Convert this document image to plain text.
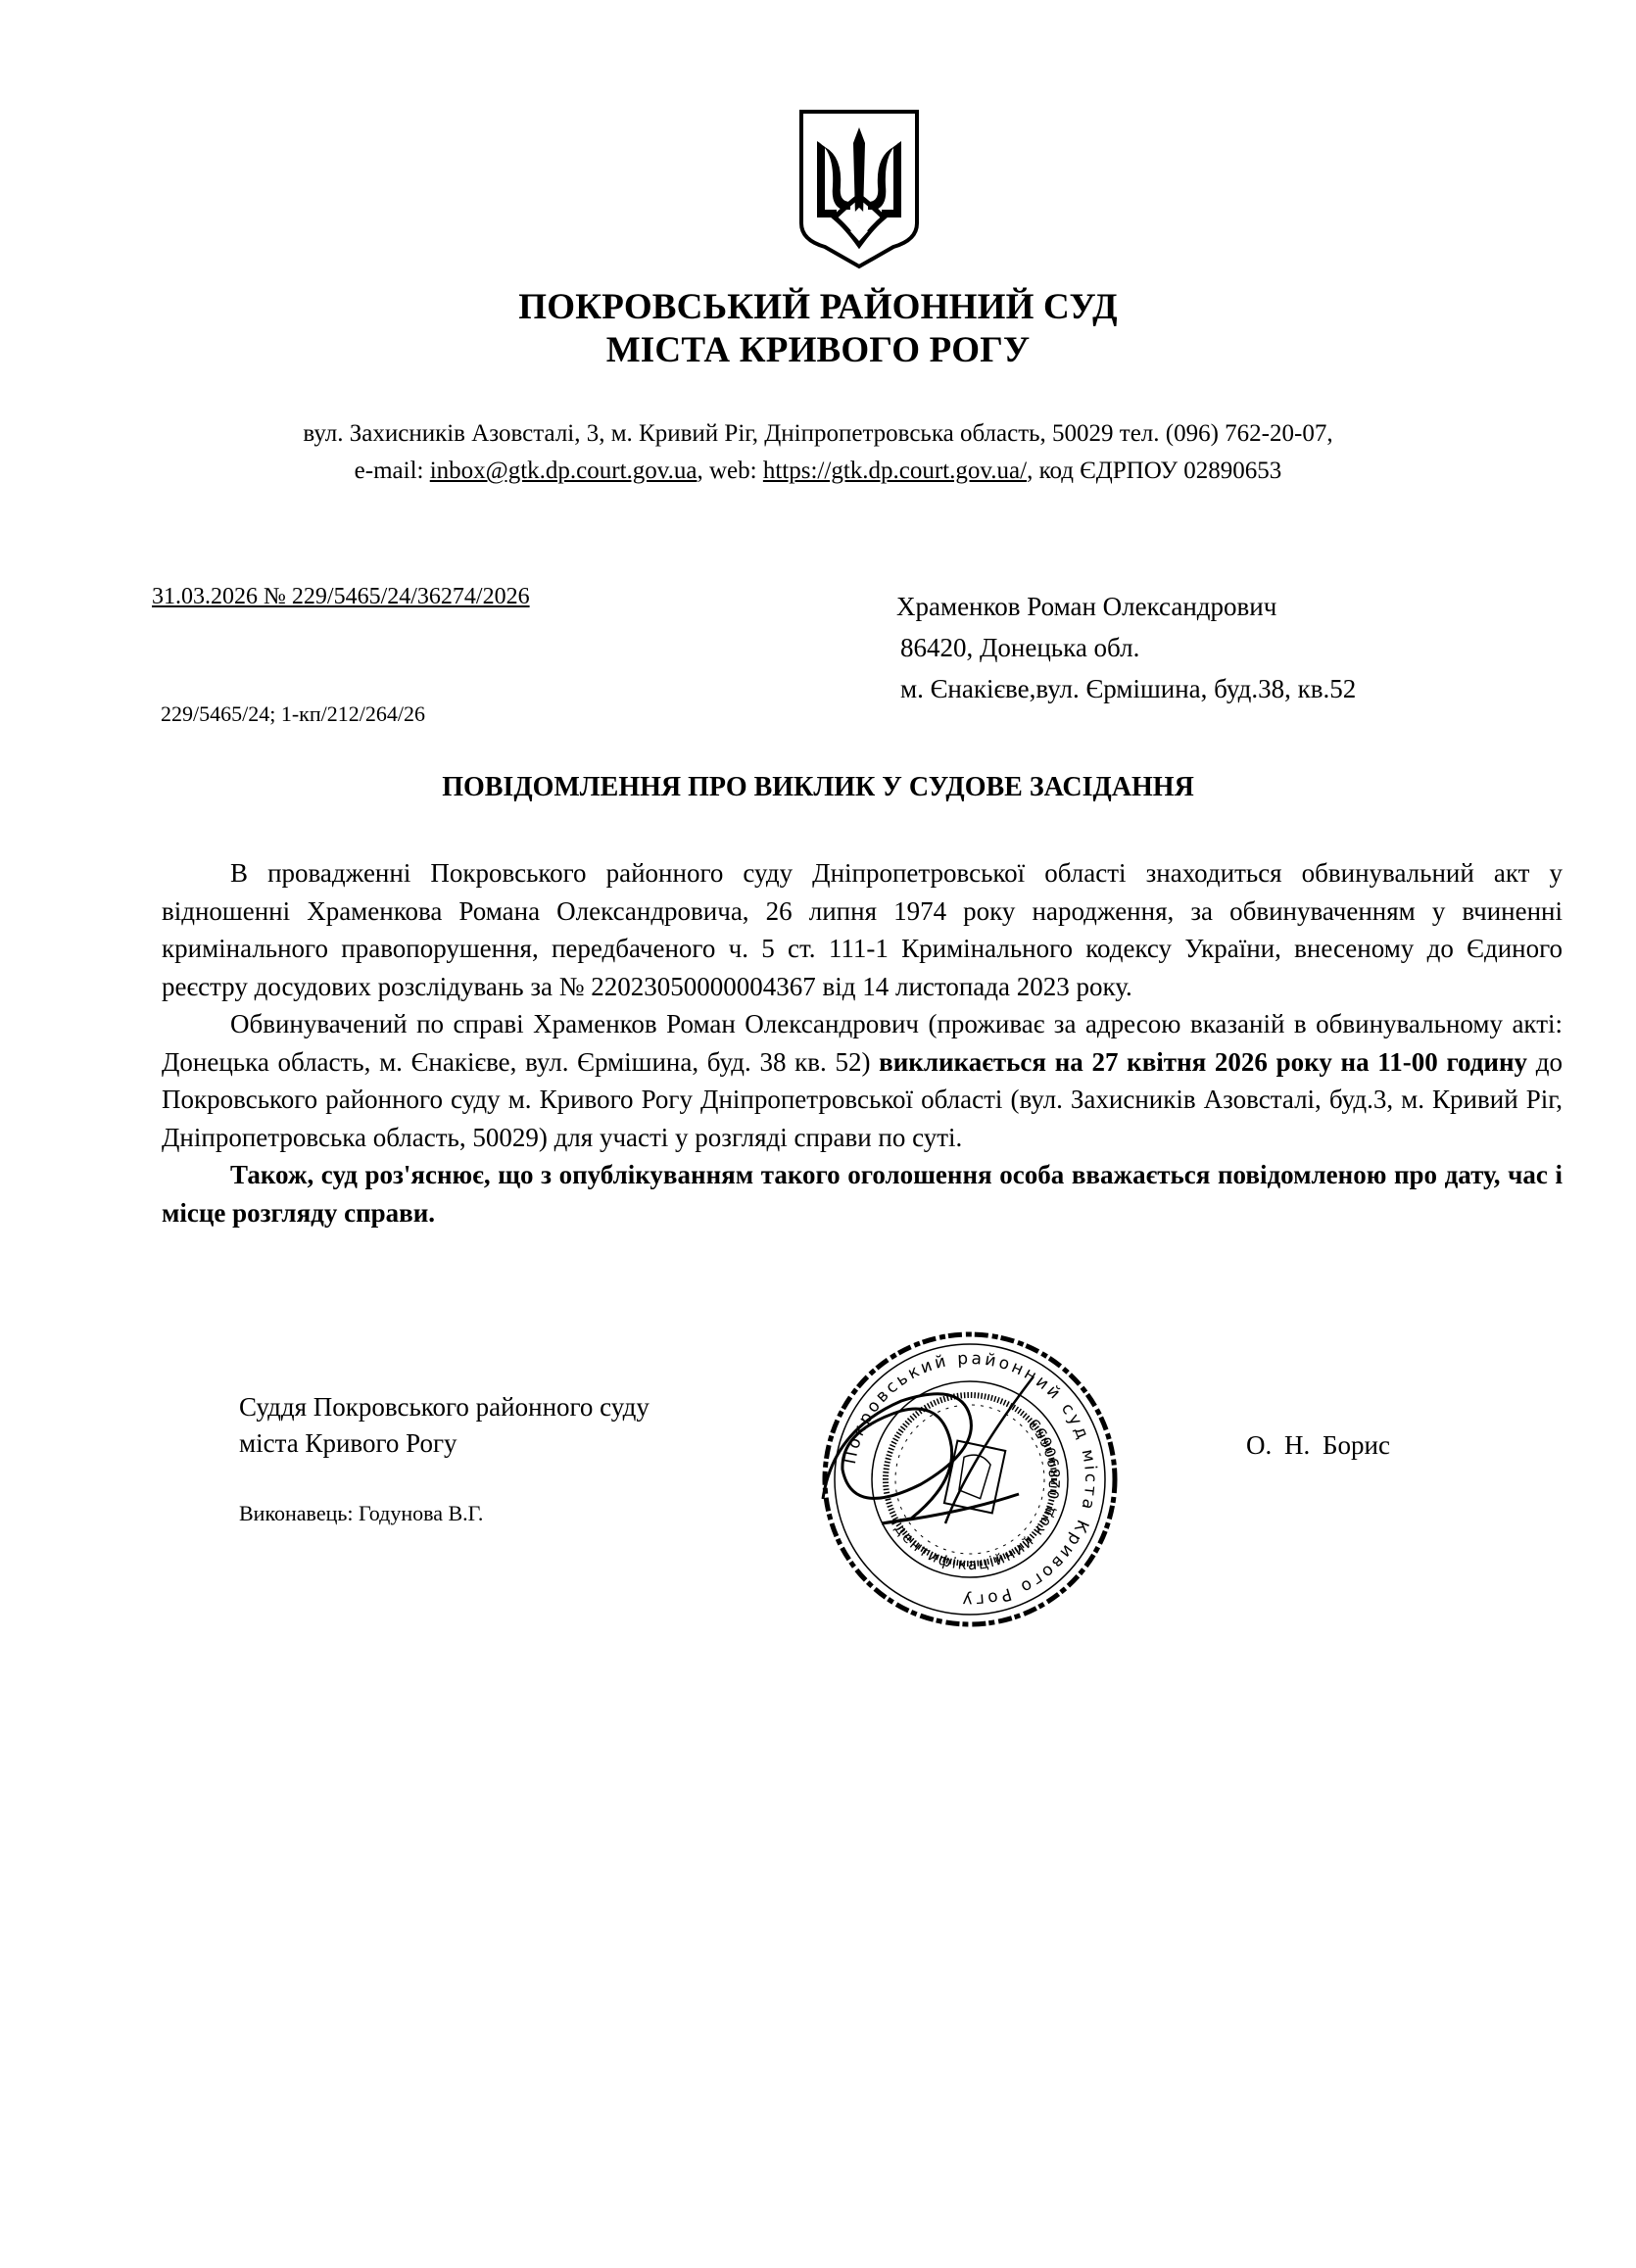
ПОКРОВСЬКИЙ РАЙОННИЙ СУД
МІСТА КРИВОГО РОГУ
вул. Захисників Азовсталі, 3, м. Кривий Ріг, Дніпропетровська область, 50029 тел. (096) 762-20-07,
e-mail: inbox@gtk.dp.court.gov.ua, web: https://gtk.dp.court.gov.ua/, код ЄДРПОУ 02890653
31.03.2026 № 229/5465/24/36274/2026
229/5465/24; 1-кп/212/264/26
Храменков Роман Олександрович
86420, Донецька обл.
м. Єнакієве,вул. Єрмішина, буд.38, кв.52
ПОВІДОМЛЕННЯ ПРО ВИКЛИК У СУДОВЕ ЗАСІДАННЯ

В провадженні Покровського районного суду Дніпропетровської області знаходиться обвинувальний акт у відношенні Храменкова Романа Олександровича, 26 липня 1974 року народження, за обвинуваченням у вчиненні кримінального правопорушення, передбаченого ч. 5 ст. 111-1 Кримінального кодексу України, внесеному до Єдиного реєстру досудових розслідувань за № 22023050000004367 від 14 листопада 2023 року.

Обвинувачений по справі Храменков Роман Олександрович (проживає за адресою вказаній в обвинувальному акті: Донецька область, м. Єнакієве, вул. Єрмішина, буд. 38 кв. 52) викликається на 27 квітня 2026 року на 11-00 годину до Покровського районного суду м. Кривого Рогу Дніпропетровської області (вул. Захисників Азовсталі, буд.3, м. Кривий Ріг, Дніпропетровська область, 50029) для участі у розгляді справи по суті.

Також, суд роз'яснює, що з опублікуванням такого оголошення особа вважається повідомленою про дату, час і місце розгляду справи.

Суддя Покровського районного суду
міста Кривого Рогу
Виконавець: Годунова В.Г.
О. Н. Борис
Покровський районний суд міста Кривого Рогу
Ідентифікаційний код 02890653
